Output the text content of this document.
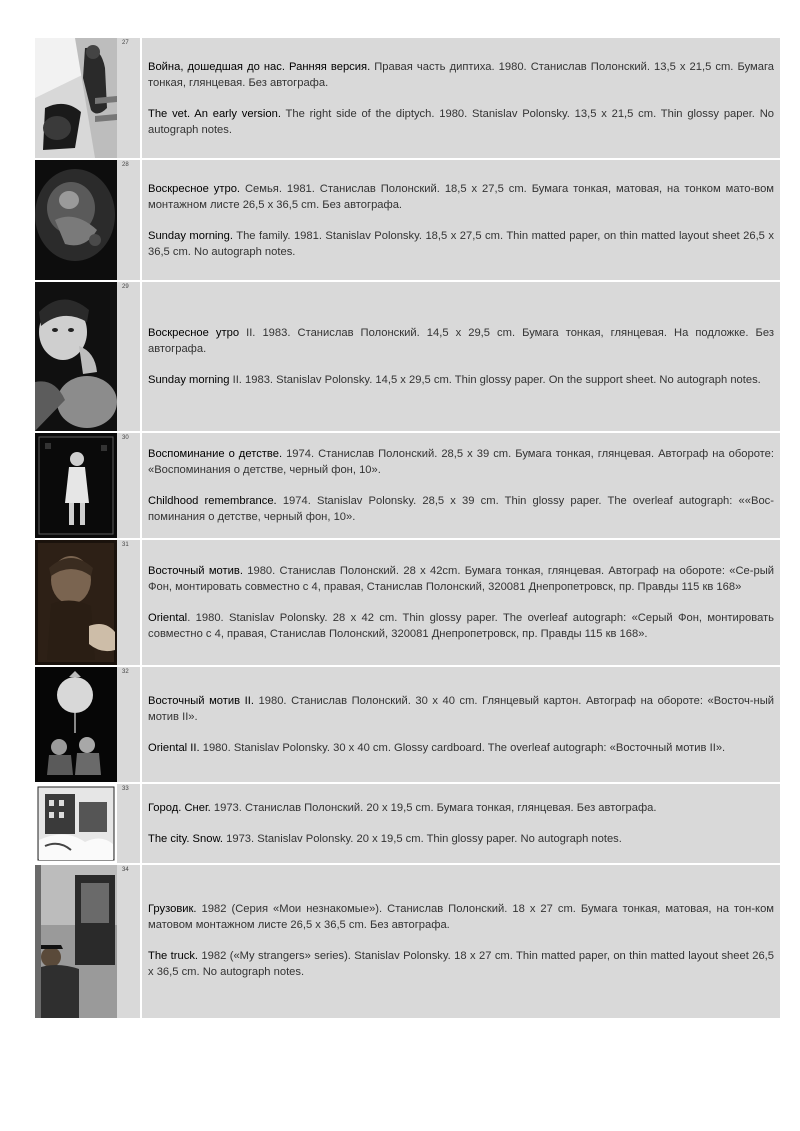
27

Война, дошедшая до нас. Ранняя версия. Правая часть диптиха. 1980. Станислав Полонский. 13,5 x 21,5 cm. Бумага тонкая, глянцевая. Без автографа.

The vet. An early version. The right side of the diptych. 1980. Stanislav Polonsky. 13,5 x 21,5 cm. Thin glossy paper. No autograph notes.

28

Воскресное утро. Семья. 1981. Станислав Полонский. 18,5 x 27,5 cm. Бумага тонкая, матовая, на тонком мато-вом монтажном листе 26,5 x 36,5 cm. Без автографа.

Sunday morning. The family. 1981. Stanislav Polonsky. 18,5 x 27,5 cm. Thin matted paper, on thin matted layout sheet 26,5 x 36,5 cm. No autograph notes.

29

Воскресное утро II. 1983. Станислав Полонский. 14,5 x 29,5 cm. Бумага тонкая, глянцевая. На подложке. Без автографа.

Sunday morning II. 1983. Stanislav Polonsky. 14,5 x 29,5 cm. Thin glossy paper. On the support sheet. No autograph notes.

30

Воспоминание о детстве. 1974. Станислав Полонский. 28,5 x 39 cm. Бумага тонкая, глянцевая. Автограф на обороте: «Воспоминания о детстве, черный фон, 10».

Childhood remembrance. 1974. Stanislav Polonsky. 28,5 x 39 cm. Thin glossy paper. The overleaf autograph: ««Вос-поминания о детстве, черный фон, 10».

31

Восточный мотив. 1980. Станислав Полонский. 28 x 42cm. Бумага тонкая, глянцевая. Автограф на обороте: «Се-рый Фон, монтировать совместно с 4, правая, Станислав Полонский, 320081 Днепропетровск, пр. Правды 115 кв 168»

Oriental. 1980. Stanislav Polonsky. 28 x 42 cm. Thin glossy paper. The overleaf autograph: «Серый Фон, монтировать совместно с 4, правая, Станислав Полонский, 320081 Днепропетровск, пр. Правды 115 кв 168».

32

Восточный мотив II. 1980. Станислав Полонский. 30 x 40 cm. Глянцевый картон. Автограф на обороте: «Восточ-ный мотив II».

Oriental II. 1980. Stanislav Polonsky. 30 x 40 cm. Glossy cardboard. The overleaf autograph: «Восточный мотив II».

33

Город. Снег. 1973. Станислав Полонский. 20 x 19,5 cm. Бумага тонкая, глянцевая. Без автографа.

The city. Snow. 1973. Stanislav Polonsky. 20 x 19,5 cm. Thin glossy paper. No autograph notes.

34

Грузовик. 1982 (Серия «Мои незнакомые»). Станислав Полонский. 18 x 27 cm. Бумага тонкая, матовая, на тон-ком матовом монтажном листе 26,5 x 36,5 cm. Без автографа.

The truck. 1982 («My strangers» series). Stanislav Polonsky. 18 x 27 cm. Thin matted paper, on thin matted layout sheet 26,5 x 36,5 cm. No autograph notes.
